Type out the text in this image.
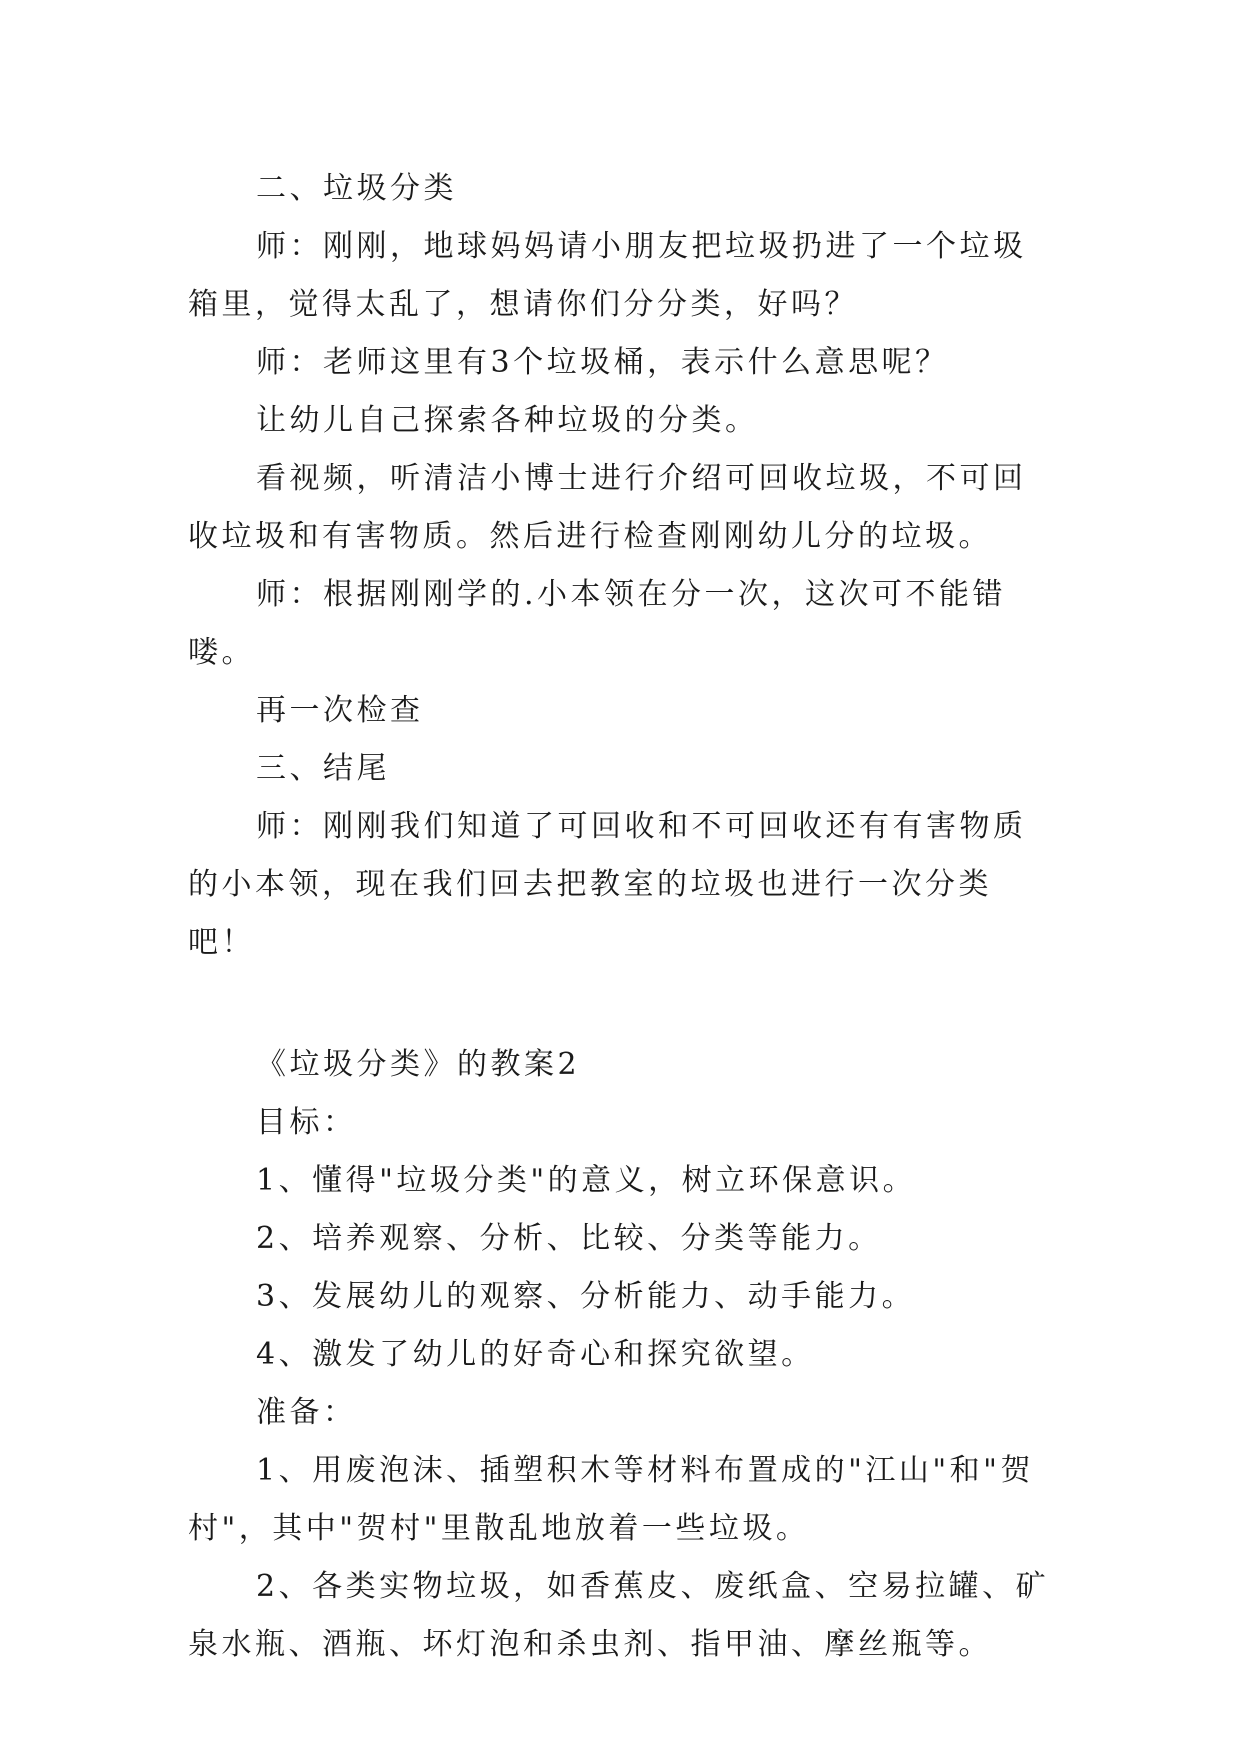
二、垃圾分类

师：刚刚，地球妈妈请小朋友把垃圾扔进了一个垃圾箱里，觉得太乱了，想请你们分分类，好吗？

师：老师这里有3个垃圾桶，表示什么意思呢？

让幼儿自己探索各种垃圾的分类。

看视频，听清洁小博士进行介绍可回收垃圾，不可回收垃圾和有害物质。然后进行检查刚刚幼儿分的垃圾。

师：根据刚刚学的.小本领在分一次，这次可不能错喽。

再一次检查

三、结尾

师：刚刚我们知道了可回收和不可回收还有有害物质的小本领，现在我们回去把教室的垃圾也进行一次分类吧！

《垃圾分类》的教案2

目标：

1、懂得"垃圾分类"的意义，树立环保意识。

2、培养观察、分析、比较、分类等能力。

3、发展幼儿的观察、分析能力、动手能力。

4、激发了幼儿的好奇心和探究欲望。

准备：

1、用废泡沫、插塑积木等材料布置成的"江山"和"贺村"，其中"贺村"里散乱地放着一些垃圾。

2、各类实物垃圾，如香蕉皮、废纸盒、空易拉罐、矿泉水瓶、酒瓶、坏灯泡和杀虫剂、指甲油、摩丝瓶等。
